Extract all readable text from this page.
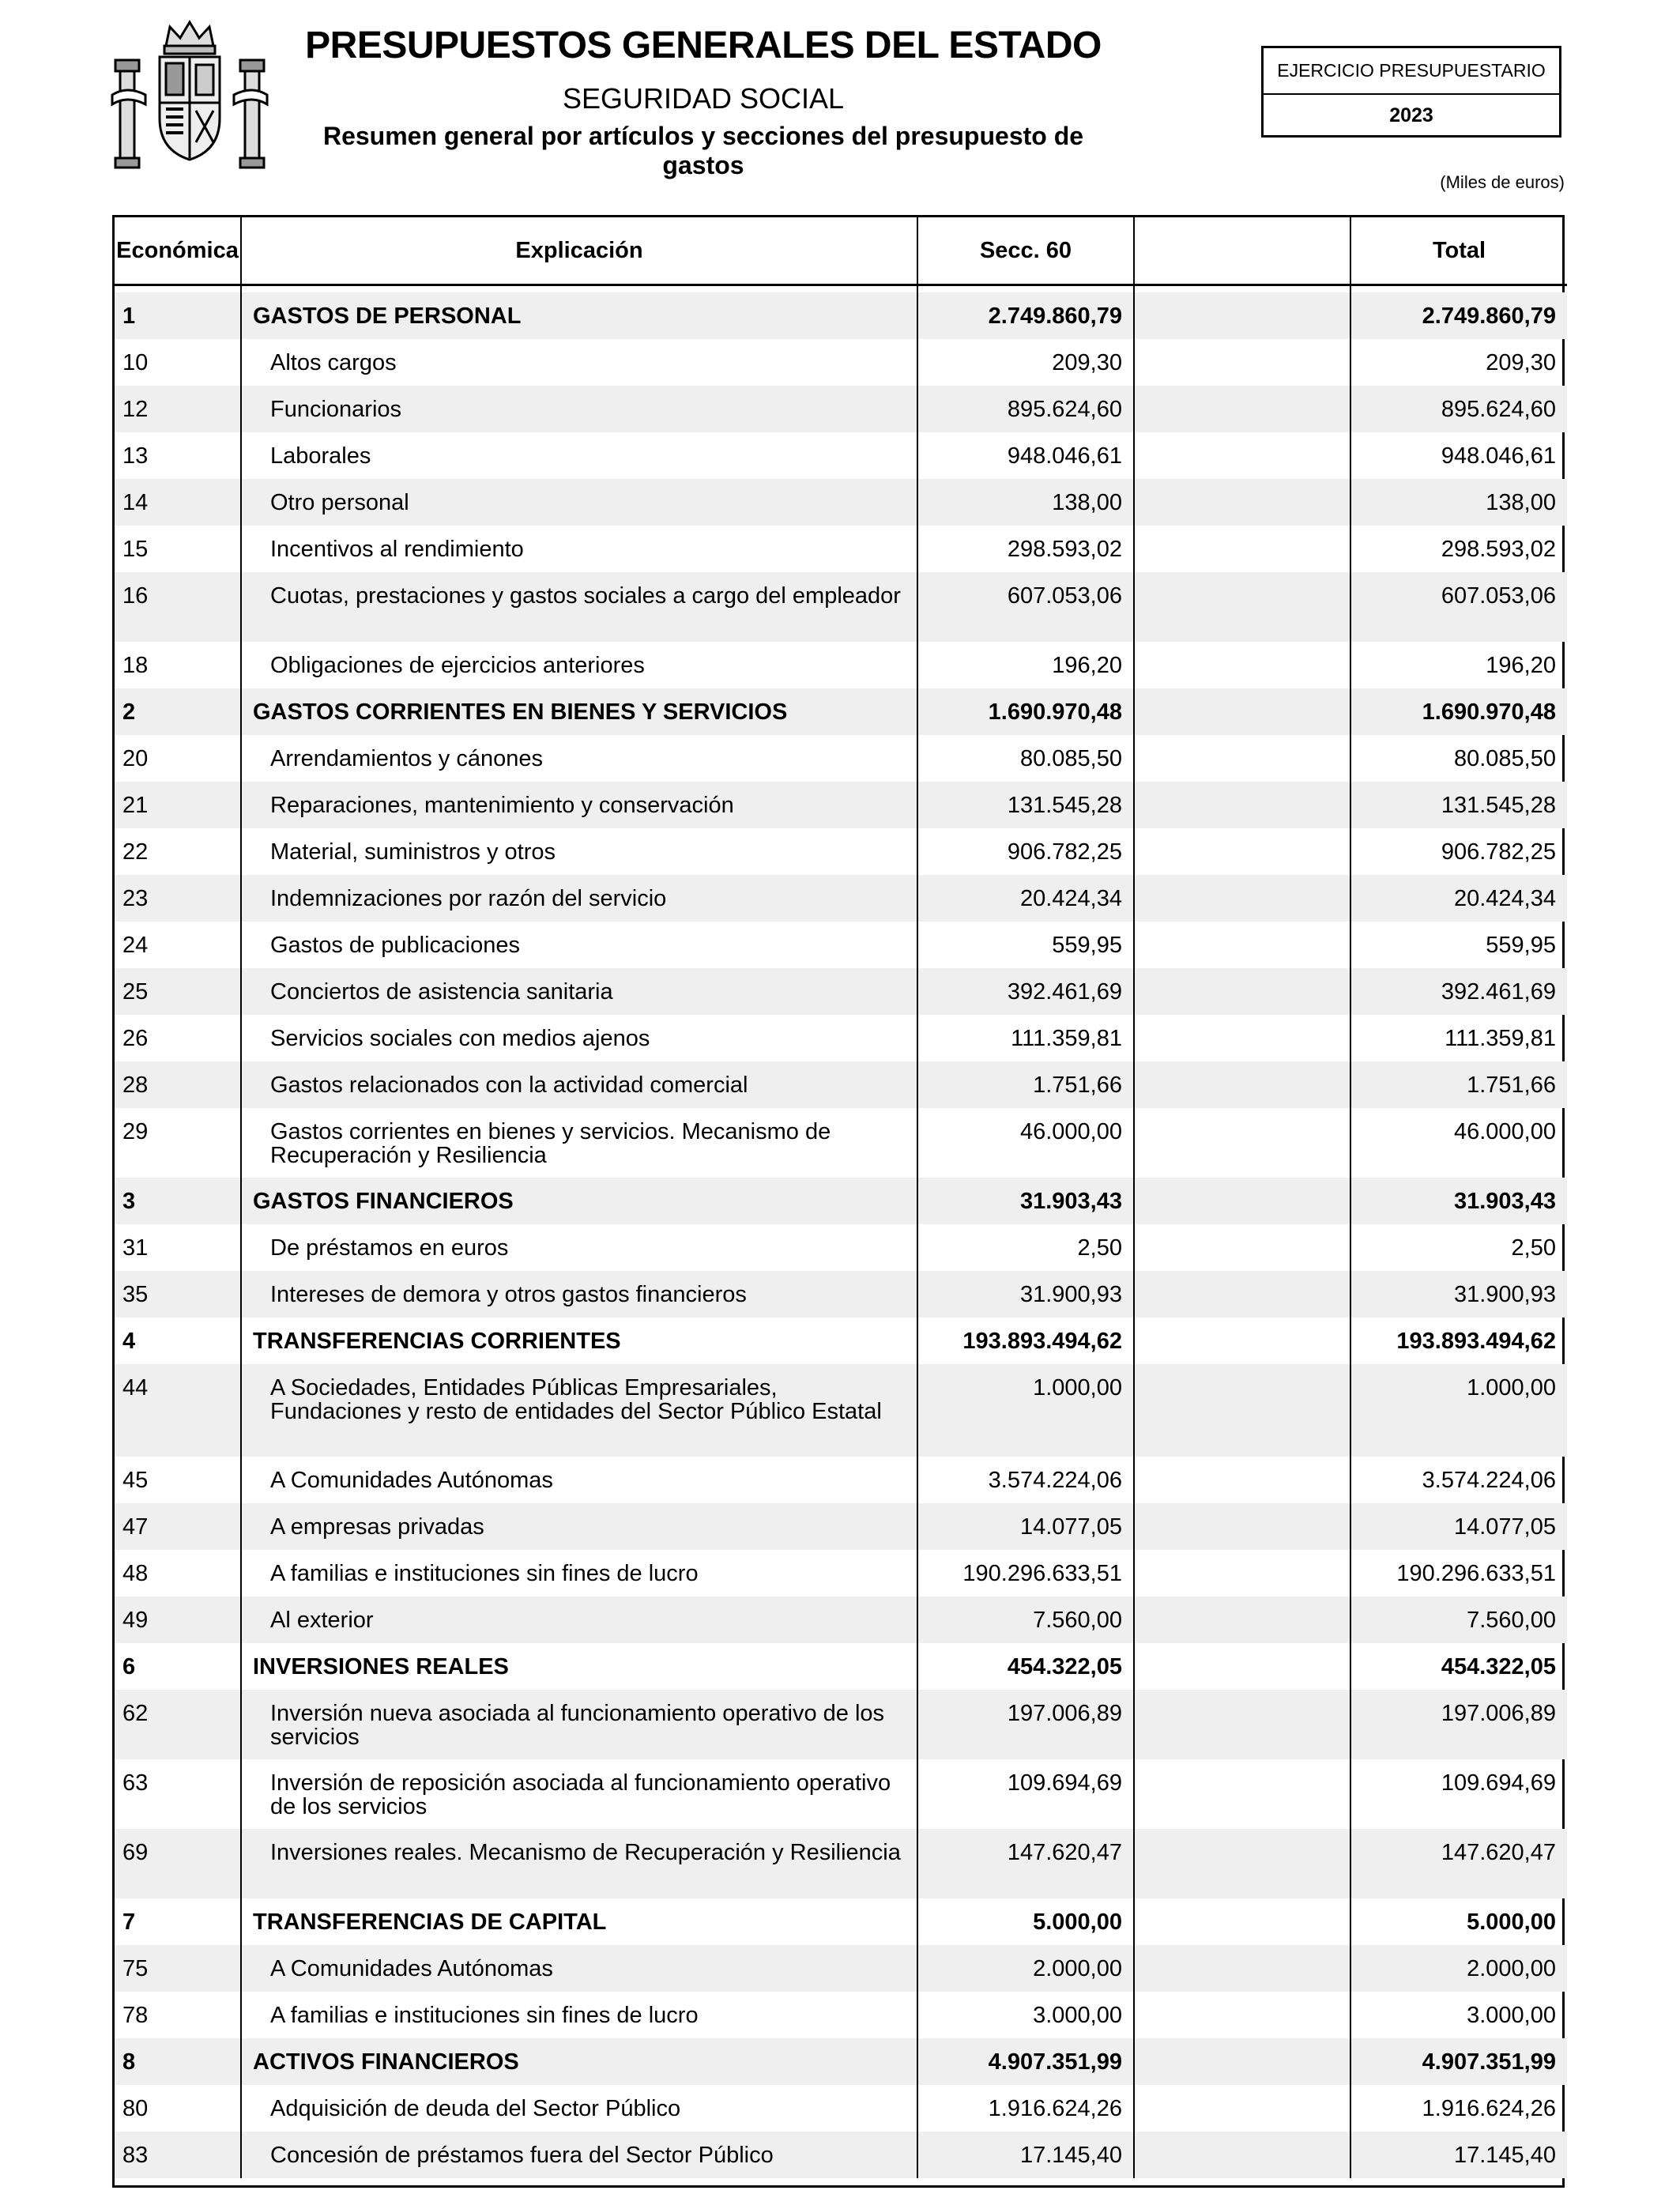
PRESUPUESTOS GENERALES DEL ESTADO
SEGURIDAD SOCIAL
Resumen general por artículos y secciones del presupuesto de gastos
EJERCICIO PRESUPUESTARIO
2023
(Miles de euros)
Económica	Explicación	Secc. 60		Total

1	GASTOS DE PERSONAL	2.749.860,79		2.749.860,79
10	Altos cargos	209,30		209,30
12	Funcionarios	895.624,60		895.624,60
13	Laborales	948.046,61		948.046,61
14	Otro personal	138,00		138,00
15	Incentivos al rendimiento	298.593,02		298.593,02
16	Cuotas, prestaciones y gastos sociales a cargo del empleador	607.053,06		607.053,06
18	Obligaciones de ejercicios anteriores	196,20		196,20
2	GASTOS CORRIENTES EN BIENES Y SERVICIOS	1.690.970,48		1.690.970,48
20	Arrendamientos y cánones	80.085,50		80.085,50
21	Reparaciones, mantenimiento y conservación	131.545,28		131.545,28
22	Material, suministros y otros	906.782,25		906.782,25
23	Indemnizaciones por razón del servicio	20.424,34		20.424,34
24	Gastos de publicaciones	559,95		559,95
25	Conciertos de asistencia sanitaria	392.461,69		392.461,69
26	Servicios sociales con medios ajenos	111.359,81		111.359,81
28	Gastos relacionados con la actividad comercial	1.751,66		1.751,66
29	Gastos corrientes en bienes y servicios. Mecanismo de Recuperación y Resiliencia	46.000,00		46.000,00
3	GASTOS FINANCIEROS	31.903,43		31.903,43
31	De préstamos en euros	2,50		2,50
35	Intereses de demora y otros gastos financieros	31.900,93		31.900,93
4	TRANSFERENCIAS CORRIENTES	193.893.494,62		193.893.494,62
44	A Sociedades, Entidades Públicas Empresariales, Fundaciones y resto de entidades del Sector Público Estatal	1.000,00		1.000,00
45	A Comunidades Autónomas	3.574.224,06		3.574.224,06
47	A empresas privadas	14.077,05		14.077,05
48	A familias e instituciones sin fines de lucro	190.296.633,51		190.296.633,51
49	Al exterior	7.560,00		7.560,00
6	INVERSIONES REALES	454.322,05		454.322,05
62	Inversión nueva asociada al funcionamiento operativo de los servicios	197.006,89		197.006,89
63	Inversión de reposición asociada al funcionamiento operativo de los servicios	109.694,69		109.694,69
69	Inversiones reales. Mecanismo de Recuperación y Resiliencia	147.620,47		147.620,47
7	TRANSFERENCIAS DE CAPITAL	5.000,00		5.000,00
75	A Comunidades Autónomas	2.000,00		2.000,00
78	A familias e instituciones sin fines de lucro	3.000,00		3.000,00
8	ACTIVOS FINANCIEROS	4.907.351,99		4.907.351,99
80	Adquisición de deuda del Sector Público	1.916.624,26		1.916.624,26
83	Concesión de préstamos fuera del Sector Público	17.145,40		17.145,40
